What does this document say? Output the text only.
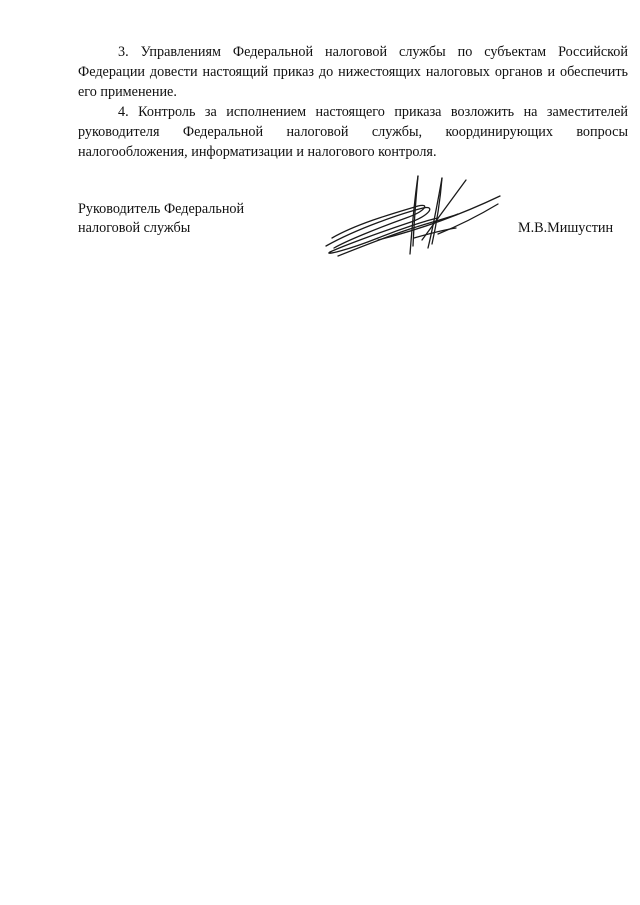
3. Управлениям Федеральной налоговой службы по субъектам Российской Федерации довести настоящий приказ до нижестоящих налоговых органов и обеспечить его применение.

4. Контроль за исполнением настоящего приказа возложить на заместителей руководителя Федеральной налоговой службы, координирующих вопросы налогообложения, информатизации и налогового контроля.

Руководитель Федеральной
налоговой службы	М.В.Мишустин
